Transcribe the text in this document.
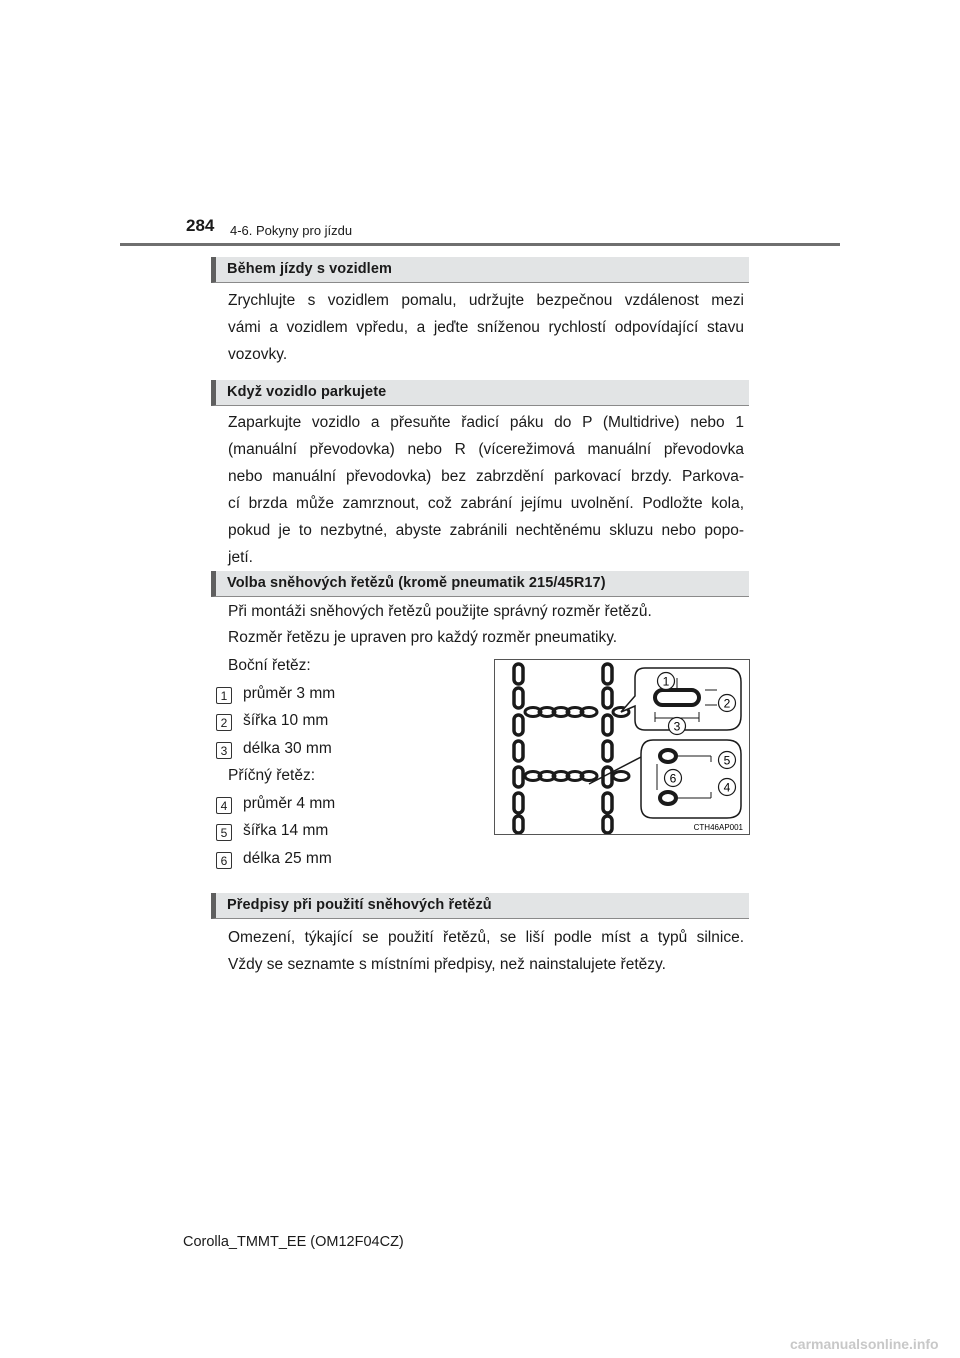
284 4-6. Pokyny pro jízdu
Během jízdy s vozidlem
Zrychlujte s vozidlem pomalu, udržujte bezpečnou vzdálenost mezi
vámi a vozidlem vpředu, a jeďte sníženou rychlostí odpovídající stavu
vozovky.
Když vozidlo parkujete
Zaparkujte vozidlo a přesuňte řadicí páku do P (Multidrive) nebo 1
(manuální převodovka) nebo R (vícerežimová manuální převodovka
nebo manuální převodovka) bez zabrzdění parkovací brzdy. Parkova-
cí brzda může zamrznout, což zabrání jejímu uvolnění. Podložte kola,
pokud je to nezbytné, abyste zabránili nechtěnému skluzu nebo popo-
jetí.
Volba sněhových řetězů (kromě pneumatik 215/45R17)
Při montáži sněhových řetězů použijte správný rozměr řetězů.
Rozměr řetězu je upraven pro každý rozměr pneumatiky.
Boční řetěz:
1	průměr 3 mm
2	šířka 10 mm
3	délka 30 mm
Příčný řetěz:
4	průměr 4 mm
5	šířka 14 mm
6	délka 25 mm
1
2
3
6
5
4
CTH46AP001
Předpisy při použití sněhových řetězů
Omezení, týkající se použití řetězů, se liší podle míst a typů silnice.
Vždy se seznamte s místními předpisy, než nainstalujete řetězy.
Corolla_TMMT_EE (OM12F04CZ)
carmanualsonline.info
